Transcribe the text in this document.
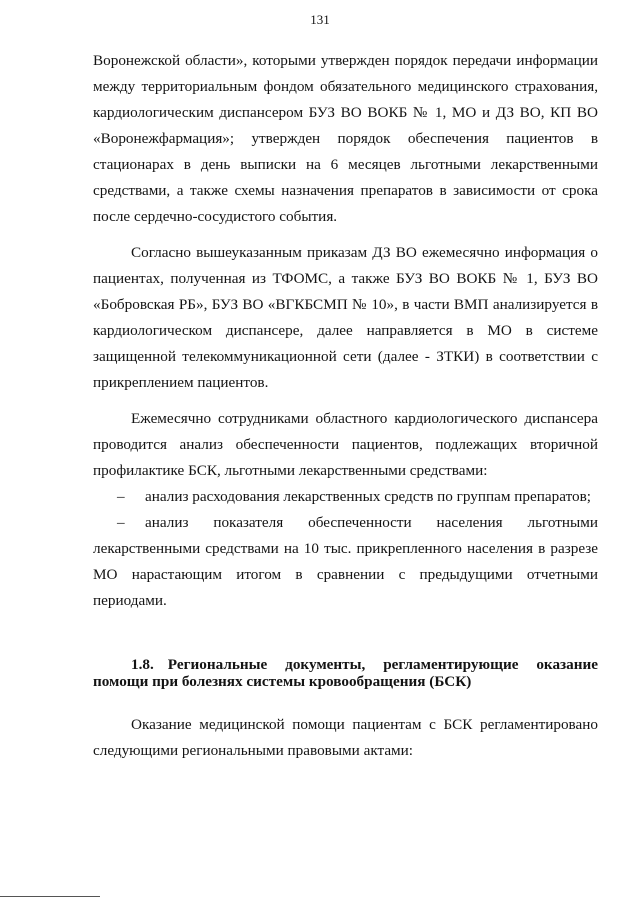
131

Воронежской области», которыми утвержден порядок передачи информации между территориальным фондом обязательного медицинского страхования, кардиологическим диспансером БУЗ ВО ВОКБ № 1, МО и ДЗ ВО, КП ВО «Воронежфармация»; утвержден порядок обеспечения пациентов в стационарах в день выписки на 6 месяцев льготными лекарственными средствами, а также схемы назначения препаратов в зависимости от срока после сердечно-сосудистого события.

Согласно вышеуказанным приказам ДЗ ВО ежемесячно информация о пациентах, полученная из ТФОМС, а также БУЗ ВО ВОКБ № 1, БУЗ ВО «Бобровская РБ», БУЗ ВО «ВГКБСМП № 10», в части ВМП анализируется в кардиологическом диспансере, далее направляется в МО в системе защищенной телекоммуникационной сети (далее - ЗТКИ) в соответствии с прикреплением пациентов.

Ежемесячно сотрудниками областного кардиологического диспансера проводится анализ обеспеченности пациентов, подлежащих вторичной профилактике БСК, льготными лекарственными средствами:

– анализ расходования лекарственных средств по группам препаратов;

– анализ показателя обеспеченности населения льготными лекарственными средствами на 10 тыс. прикрепленного населения в разрезе МО нарастающим итогом в сравнении с предыдущими отчетными периодами.

1.8. Региональные документы, регламентирующие оказание помощи при болезнях системы кровообращения (БСК)

Оказание медицинской помощи пациентам с БСК регламентировано следующими региональными правовыми актами:
